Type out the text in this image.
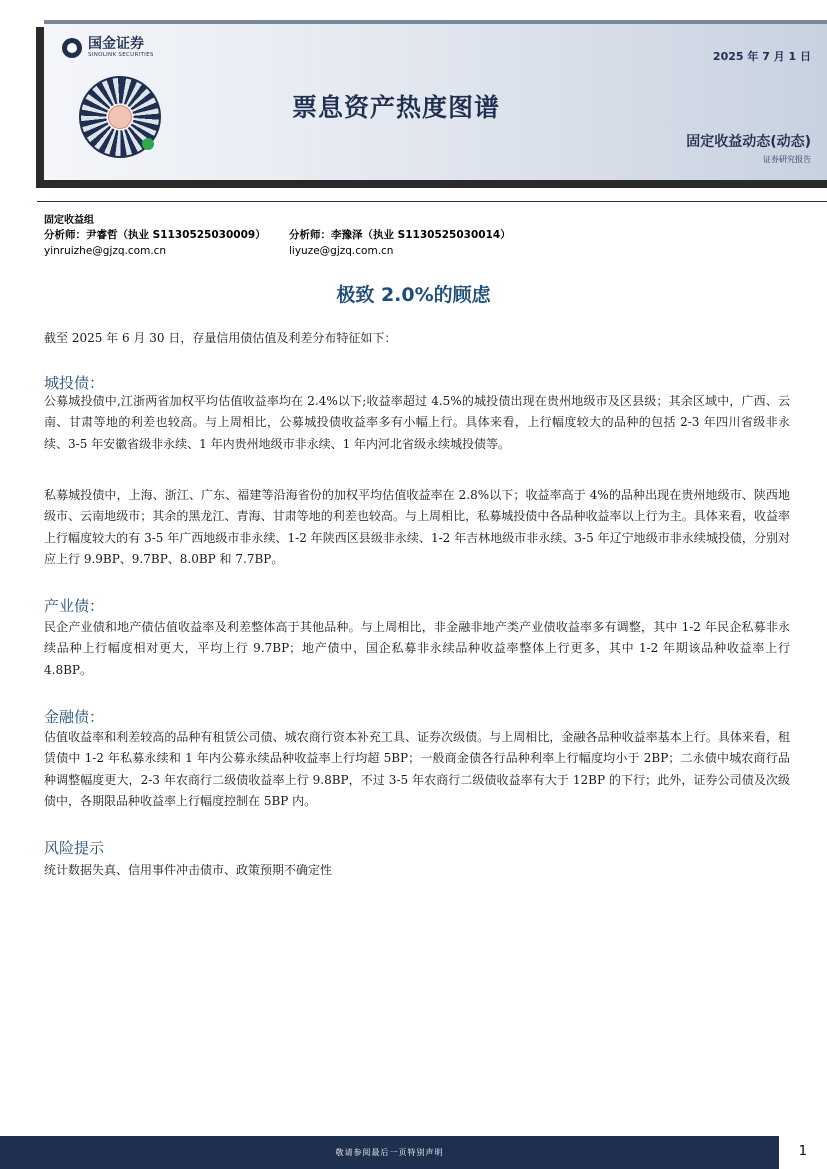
国金证券
SINOLINK SECURITIES	2025 年 7 月 1 日
票息资产热度图谱
固定收益动态(动态)
证券研究报告
固定收益组
分析师：尹睿哲（执业 S1130525030009） 分析师：李豫泽（执业 S1130525030014）
yinruizhe@gjzq.com.cn	liyuze@gjzq.com.cn
极致 2.0%的顾虑
截至 2025 年 6 月 30 日，存量信用债估值及利差分布特征如下：
城投债：
公募城投债中,江浙两省加权平均估值收益率均在 2.4%以下;收益率超过 4.5%的城投债出现在贵州地级市及区县级；其余区域中，广西、云南、甘肃等地的利差也较高。与上周相比，公募城投债收益率多有小幅上行。具体来看，上行幅度较大的品种的包括 2-3 年四川省级非永续、3-5 年安徽省级非永续、1 年内贵州地级市非永续、1 年内河北省级永续城投债等。
私募城投债中，上海、浙江、广东、福建等沿海省份的加权平均估值收益率在 2.8%以下；收益率高于 4%的品种出现在贵州地级市、陕西地级市、云南地级市；其余的黑龙江、青海、甘肃等地的利差也较高。与上周相比，私募城投债中各品种收益率以上行为主。具体来看，收益率上行幅度较大的有 3-5 年广西地级市非永续、1-2 年陕西区县级非永续、1-2 年吉林地级市非永续、3-5 年辽宁地级市非永续城投债，分别对应上行 9.9BP、9.7BP、8.0BP 和 7.7BP。
产业债：
民企产业债和地产债估值收益率及利差整体高于其他品种。与上周相比，非金融非地产类产业债收益率多有调整，其中 1-2 年民企私募非永续品种上行幅度相对更大，平均上行 9.7BP；地产债中，国企私募非永续品种收益率整体上行更多，其中 1-2 年期该品种收益率上行 4.8BP。
金融债：
估值收益率和利差较高的品种有租赁公司债、城农商行资本补充工具、证券次级债。与上周相比，金融各品种收益率基本上行。具体来看，租赁债中 1-2 年私募永续和 1 年内公募永续品种收益率上行均超 5BP；一般商金债各行品种利率上行幅度均小于 2BP；二永债中城农商行品种调整幅度更大，2-3 年农商行二级债收益率上行 9.8BP，不过 3-5 年农商行二级债收益率有大于 12BP 的下行；此外，证券公司债及次级债中，各期限品种收益率上行幅度控制在 5BP 内。
风险提示
统计数据失真、信用事件冲击债市、政策预期不确定性
敬请参阅最后一页特别声明	1
